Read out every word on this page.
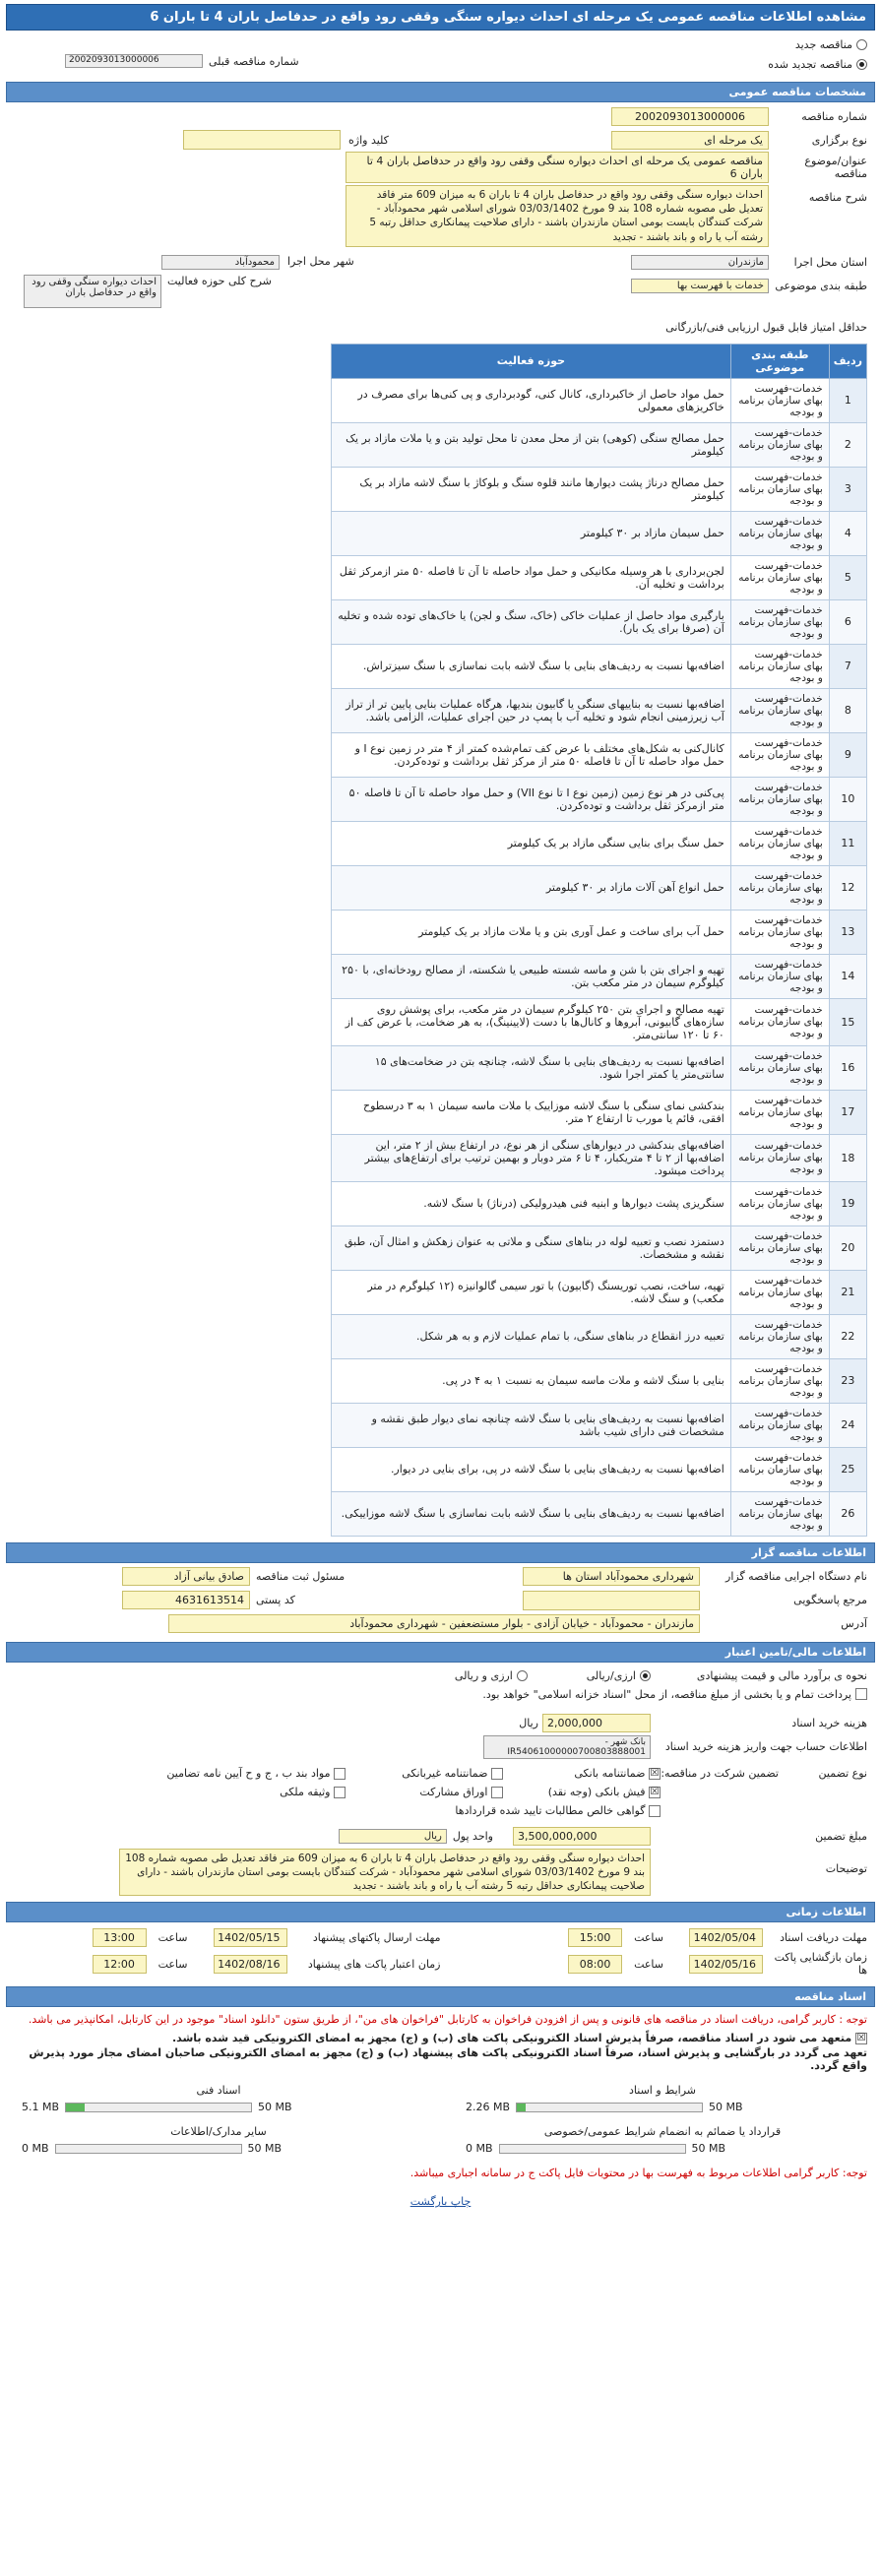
مشاهده اطلاعات مناقصه عمومی یک مرحله ای احداث دیواره سنگی وقفی رود واقع در حدفاصل باران 4 تا باران 6
مناقصه جدید
مناقصه تجدید شده
شماره مناقصه قبلی
2002093013000006
مشخصات مناقصه عمومی
شماره مناقصه
2002093013000006
نوع برگزاری
یک مرحله ای
کلید واژه
عنوان/موضوع مناقصه
مناقصه عمومی یک مرحله ای احداث دیواره سنگی وقفی رود واقع در حدفاصل باران 4 تا باران 6
شرح مناقصه
احداث دیواره سنگی وقفی رود واقع در حدفاصل باران 4 تا باران 6 به میزان 609 متر فاقد تعدیل طی مصوبه شماره 108 بند 9 مورخ 03/03/1402 شورای اسلامی شهر محمودآباد - شرکت کنندگان بایست بومی استان مازندران باشند - دارای صلاحیت پیمانکاری حداقل رتبه 5 رشته آب یا راه و باند باشند - تجدید
استان محل اجرا
مازندران
شهر محل اجرامحمودآباد
طبقه بندی موضوعی
خدمات با فهرست بها
شرح کلی حوزه فعالیت
احداث دیواره سنگی وقفی رود واقع در حدفاصل باران
حداقل امتیاز قابل قبول ارزیابی فنی/بازرگانی
ردیف	طبقه بندی موضوعی	حوزه فعالیت
1	خدمات-فهرست بهای سازمان برنامه و بودجه	حمل مواد حاصل از خاکبرداری، کانال کنی، گودبرداری و پی کنی‌ها برای مصرف در خاکریزهای معمولی
2	خدمات-فهرست بهای سازمان برنامه و بودجه	حمل مصالح سنگی (کوهی) بتن از محل معدن تا محل تولید بتن و یا ملات مازاد بر یک کیلومتر
3	خدمات-فهرست بهای سازمان برنامه و بودجه	حمل مصالح درناژ پشت دیوارها مانند قلوه سنگ و بلوکاژ با سنگ لاشه مازاد بر یک کیلومتر
4	خدمات-فهرست بهای سازمان برنامه و بودجه	حمل سیمان مازاد بر ۳۰ کیلومتر
5	خدمات-فهرست بهای سازمان برنامه و بودجه	لجن‌برداری با هر وسیله مکانیکی و حمل مواد حاصله تا آن تا فاصله ۵۰ متر ازمرکز ثقل برداشت و تخلیه آن.
6	خدمات-فهرست بهای سازمان برنامه و بودجه	بارگیری مواد حاصل از عملیات خاکی (خاک، سنگ و لجن) یا خاک‌های توده شده و تخلیه آن (صرفا برای یک بار).
7	خدمات-فهرست بهای سازمان برنامه و بودجه	اضافه‌بها نسبت به ردیف‌های بنایی با سنگ لاشه بابت نماسازی با سنگ سیزتراش.
8	خدمات-فهرست بهای سازمان برنامه و بودجه	اضافه‌بها نسبت به بناییهای سنگی یا گابیون بندیها، هرگاه عملیات بنایی پایین تر از تراز آب زیرزمینی انجام شود و تخلیه آب با پمپ در حین اجرای عملیات، الزامی باشد.
9	خدمات-فهرست بهای سازمان برنامه و بودجه	کانال‌کنی به شکل‌های مختلف با عرض کف تمام‌شده کمتر از ۴ متر در زمین نوع I و حمل مواد حاصله تا آن تا فاصله ۵۰ متر از مرکز ثقل برداشت و توده‌کردن.
10	خدمات-فهرست بهای سازمان برنامه و بودجه	پی‌کنی در هر نوع زمین (زمین نوع I تا نوع VII) و حمل مواد حاصله تا آن تا فاصله ۵۰ متر ازمرکز ثقل برداشت و توده‌کردن.
11	خدمات-فهرست بهای سازمان برنامه و بودجه	حمل سنگ برای بنایی سنگی مازاد بر یک کیلومتر
12	خدمات-فهرست بهای سازمان برنامه و بودجه	حمل انواع آهن آلات مازاد بر ۳۰ کیلومتر
13	خدمات-فهرست بهای سازمان برنامه و بودجه	حمل آب برای ساخت و عمل آوری بتن و یا ملات مازاد بر یک کیلومتر
14	خدمات-فهرست بهای سازمان برنامه و بودجه	تهیه و اجرای بتن با شن و ماسه شسته طبیعی یا شکسته، از مصالح رودخانه‌ای، با ۲۵۰ کیلوگرم سیمان در متر مکعب بتن.
15	خدمات-فهرست بهای سازمان برنامه و بودجه	تهیه مصالح و اجرای بتن ۲۵۰ کیلوگرم سیمان در متر مکعب، برای پوشش روی سازه‌های گابیونی، آبروها و کانال‌ها با دست (لایینینگ)، به هر ضخامت، با عرض کف از ۶۰ تا ۱۲۰ سانتی‌متر.
16	خدمات-فهرست بهای سازمان برنامه و بودجه	اضافه‌بها نسبت به ردیف‌های بنایی با سنگ لاشه، چنانچه بتن در ضخامت‌های ۱۵ سانتی‌متر یا کمتر اجرا شود.
17	خدمات-فهرست بهای سازمان برنامه و بودجه	بندکشی نمای سنگی با سنگ لاشه موزاییک با ملات ماسه سیمان ۱ به ۳ درسطوح افقی، قائم یا مورب تا ارتفاع ۲ متر.
18	خدمات-فهرست بهای سازمان برنامه و بودجه	اضافه‌بهای بندکشی در دیوارهای سنگی از هر نوع، در ارتفاع بیش از ۲ متر، این اضافه‌بها از ۲ تا ۴ متریکبار، ۴ تا ۶ متر دوبار و بهمین ترتیب برای ارتفاع‌های بیشتر پرداخت میشود.
19	خدمات-فهرست بهای سازمان برنامه و بودجه	سنگریزی پشت دیوارها و ابنیه فنی هیدرولیکی (درناژ) با سنگ لاشه.
20	خدمات-فهرست بهای سازمان برنامه و بودجه	دستمزد نصب و تعبیه لوله در بناهای سنگی و ملاتی به عنوان زهکش و امثال آن، طبق نقشه و مشخصات.
21	خدمات-فهرست بهای سازمان برنامه و بودجه	تهیه، ساخت، نصب توریسنگ (گابیون) با تور سیمی گالوانیزه (۱۲ کیلوگرم در متر مکعب) و سنگ لاشه.
22	خدمات-فهرست بهای سازمان برنامه و بودجه	تعبیه درز انقطاع در بناهای سنگی، با تمام عملیات لازم و به هر شکل.
23	خدمات-فهرست بهای سازمان برنامه و بودجه	بنایی با سنگ لاشه و ملات ماسه سیمان به نسبت ۱ به ۴ در پی.
24	خدمات-فهرست بهای سازمان برنامه و بودجه	اضافه‌بها نسبت به ردیف‌های بنایی با سنگ لاشه چنانچه نمای دیوار طبق نقشه و مشخصات فنی دارای شیب باشد
25	خدمات-فهرست بهای سازمان برنامه و بودجه	اضافه‌بها نسبت به ردیف‌های بنایی با سنگ لاشه در پی، برای بنایی در دیوار.
26	خدمات-فهرست بهای سازمان برنامه و بودجه	اضافه‌بها نسبت به ردیف‌های بنایی با سنگ لاشه بابت نماسازی با سنگ لاشه موزاییکی.
اطلاعات مناقصه گزار
نام دستگاه اجرایی مناقصه گزار
شهرداری محمودآباد استان ها
مسئول ثبت مناقصه
صادق بیانی آزاد
مرجع پاسخگویی
کد پستی
4631613514
آدرس
مازندران - محمودآباد - خیابان آزادی - بلوار مستضعفین - شهرداری محمودآباد
اطلاعات مالی/تامین اعتبار
نحوه ی برآورد مالی و قیمت پیشنهادی
ارزی/ریالی
ارزی و ریالی
پرداخت تمام و یا بخشی از مبلغ مناقصه، از محل "اسناد خزانه اسلامی" خواهد بود.
هزینه خرید اسناد
2,000,000
ریال
اطلاعات حساب جهت واریز هزینه خرید اسناد
بانک شهر - IR54061000000700803888001
نوع تضمین
تضمین شرکت در مناقصه:
☒ ضمانتنامه بانکی
ضمانتنامه غیربانکی
مواد بند ب ، ج و ح آیین نامه تضامین
☒ فیش بانکی (وجه نقد)
اوراق مشارکت
وثیقه ملکی
گواهی خالص مطالبات تایید شده قراردادها
مبلغ تضمین
3,500,000,000
واحد پول
ریال
توضیحات
احداث دیواره سنگی وقفی رود واقع در حدفاصل باران 4 تا باران 6 به میزان 609 متر فاقد تعدیل طی مصوبه شماره 108 بند 9 مورخ 03/03/1402 شورای اسلامی شهر محمودآباد - شرکت کنندگان بایست بومی استان مازندران باشند - دارای صلاحیت پیمانکاری حداقل رتبه 5 رشته آب یا راه و باند باشند - تجدید
اطلاعات زمانی
مهلت دریافت اسناد
1402/05/04
ساعت
15:00
مهلت ارسال پاکتهای پیشنهاد
1402/05/15
ساعت
13:00
زمان بازگشایی پاکت ها
1402/05/16
ساعت
08:00
زمان اعتبار پاکت های پیشنهاد
1402/08/16
ساعت
12:00
اسناد مناقصه
توجه : کاربر گرامی، دریافت اسناد در مناقصه های قانونی و پس از افزودن فراخوان به کارتابل "فراخوان های من"، از طریق ستون "دانلود اسناد" موجود در این کارتابل، امکانپذیر می باشد.
☒ متعهد می شود در اسناد مناقصه، صرفاً پذیرش اسناد الکترونیکی پاکت های (ب) و (ج) مجهز به امضای الکترونیکی قید شده باشد.
تعهد می گردد در بارگشایی و پذیرش اسناد، صرفاً اسناد الکترونیکی پاکت های پیشنهاد (ب) و (ج) مجهز به امضای الکترونیکی صاحبان امضای مجاز مورد پذیرش واقع گردد.
شرایط و اسناد
2.26 MB	50 MB
اسناد فنی
5.1 MB	50 MB
قرارداد یا ضمائم به انضمام شرایط عمومی/خصوصی
0 MB	50 MB
سایر مدارک/اطلاعات
0 MB	50 MB
توجه: کاربر گرامی اطلاعات مربوط به فهرست بها در محتویات فایل پاکت ج در سامانه اجباری میباشد.
چاپ بارگشت
